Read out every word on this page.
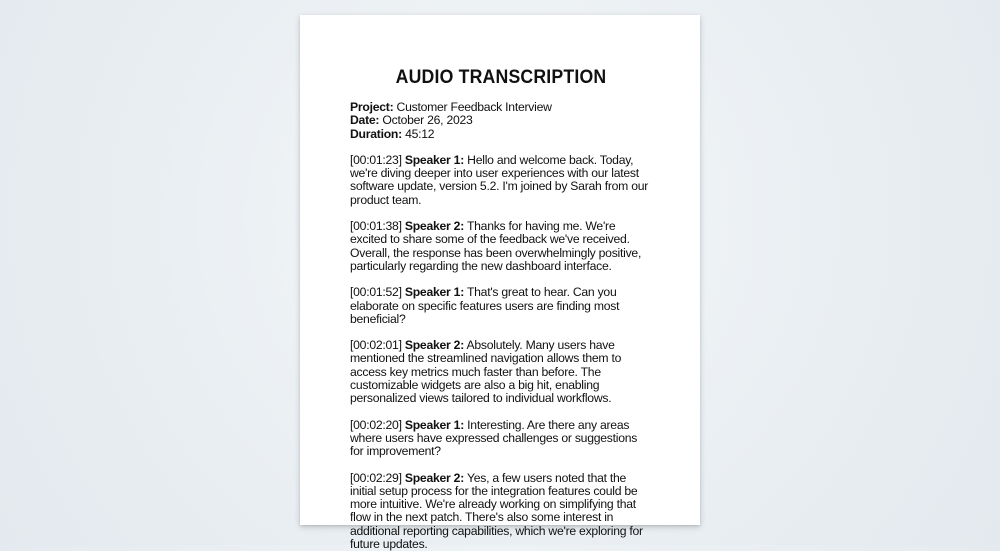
AUDIO TRANSCRIPTION
Project: Customer Feedback Interview
Date: October 26, 2023
Duration: 45:12

[00:01:23] Speaker 1: Hello and welcome back. Today, we're diving deeper into user experiences with our latest software update, version 5.2. I'm joined by Sarah from our product team.

[00:01:38] Speaker 2: Thanks for having me. We're excited to share some of the feedback we've received. Overall, the response has been overwhelmingly positive, particularly regarding the new dashboard interface.

[00:01:52] Speaker 1: That's great to hear. Can you elaborate on specific features users are finding most beneficial?

[00:02:01] Speaker 2: Absolutely. Many users have mentioned the streamlined navigation allows them to access key metrics much faster than before. The customizable widgets are also a big hit, enabling personalized views tailored to individual workflows.

[00:02:20] Speaker 1: Interesting. Are there any areas where users have expressed challenges or suggestions for improvement?

[00:02:29] Speaker 2: Yes, a few users noted that the initial setup process for the integration features could be more intuitive. We're already working on simplifying that flow in the next patch. There's also some interest in additional reporting capabilities, which we're exploring for future updates.
